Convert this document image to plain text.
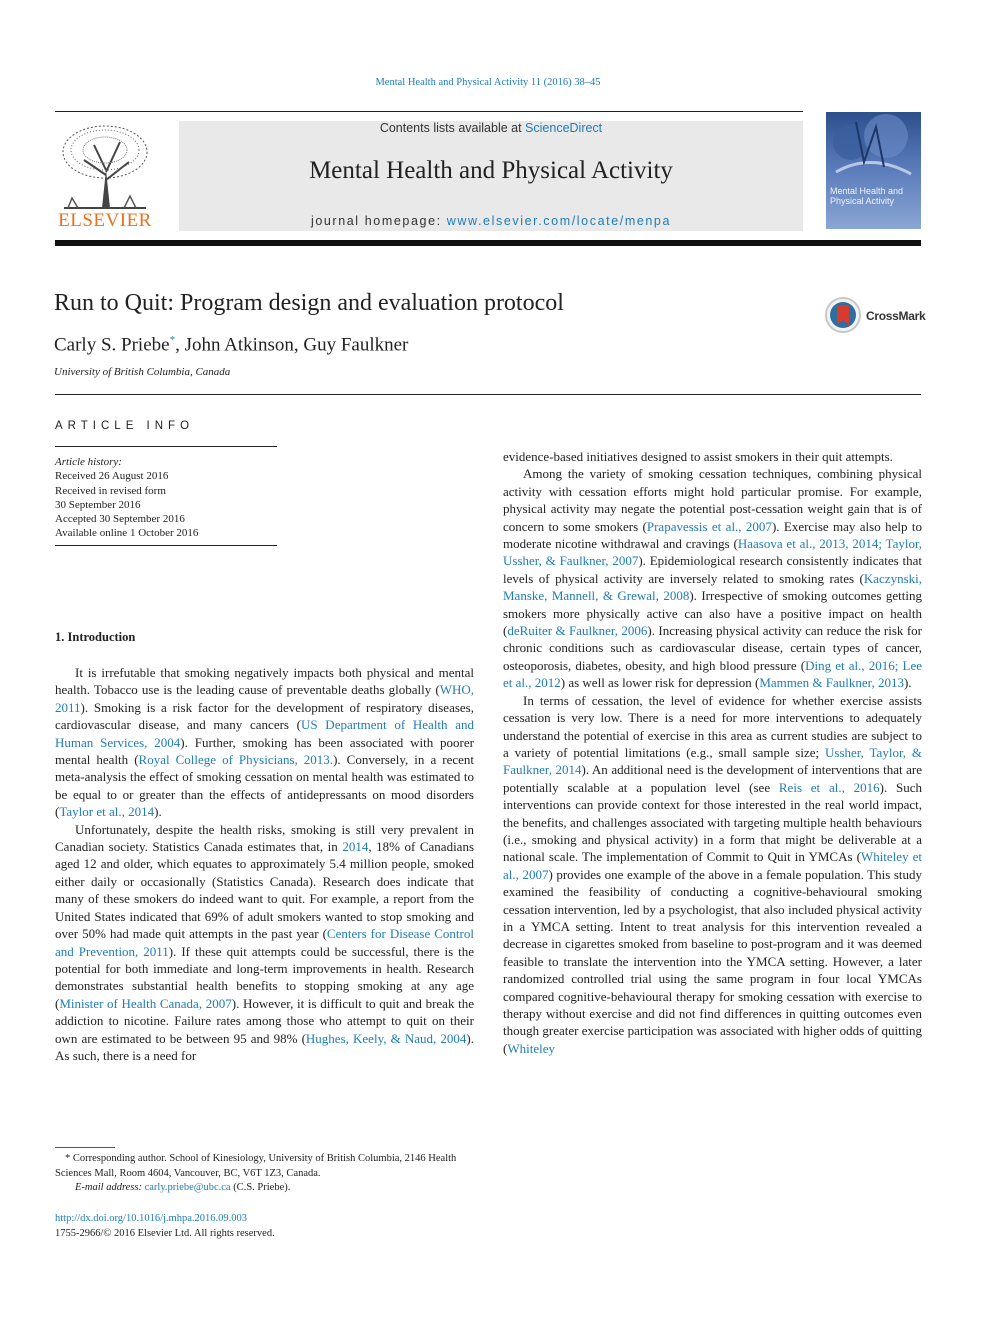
Mental Health and Physical Activity 11 (2016) 38–45
ELSEVIER
Contents lists available at ScienceDirect
Mental Health and Physical Activity
journal homepage: www.elsevier.com/locate/menpa
Mental Health and Physical Activity
Run to Quit: Program design and evaluation protocol	CrossMark
Carly S. Priebe*, John Atkinson, Guy Faulkner
University of British Columbia, Canada
ARTICLE INFO
Article history:
Received 26 August 2016
Received in revised form
30 September 2016
Accepted 30 September 2016
Available online 1 October 2016
1. Introduction

It is irrefutable that smoking negatively impacts both physical and mental health. Tobacco use is the leading cause of preventable deaths globally (WHO, 2011). Smoking is a risk factor for the development of respiratory diseases, cardiovascular disease, and many cancers (US Department of Health and Human Services, 2004). Further, smoking has been associated with poorer mental health (Royal College of Physicians, 2013.). Conversely, in a recent meta-analysis the effect of smoking cessation on mental health was estimated to be equal to or greater than the effects of antidepressants on mood disorders (Taylor et al., 2014).

Unfortunately, despite the health risks, smoking is still very prevalent in Canadian society. Statistics Canada estimates that, in 2014, 18% of Canadians aged 12 and older, which equates to approximately 5.4 million people, smoked either daily or occasionally (Statistics Canada). Research does indicate that many of these smokers do indeed want to quit. For example, a report from the United States indicated that 69% of adult smokers wanted to stop smoking and over 50% had made quit attempts in the past year (Centers for Disease Control and Prevention, 2011). If these quit attempts could be successful, there is the potential for both immediate and long-term improvements in health. Research demonstrates substantial health benefits to stopping smoking at any age (Minister of Health Canada, 2007). However, it is difficult to quit and break the addiction to nicotine. Failure rates among those who attempt to quit on their own are estimated to be between 95 and 98% (Hughes, Keely, & Naud, 2004). As such, there is a need for

evidence-based initiatives designed to assist smokers in their quit attempts.

Among the variety of smoking cessation techniques, combining physical activity with cessation efforts might hold particular promise. For example, physical activity may negate the potential post-cessation weight gain that is of concern to some smokers (Prapavessis et al., 2007). Exercise may also help to moderate nicotine withdrawal and cravings (Haasova et al., 2013, 2014; Taylor, Ussher, & Faulkner, 2007). Epidemiological research consistently indicates that levels of physical activity are inversely related to smoking rates (Kaczynski, Manske, Mannell, & Grewal, 2008). Irrespective of smoking outcomes getting smokers more physically active can also have a positive impact on health (deRuiter & Faulkner, 2006). Increasing physical activity can reduce the risk for chronic conditions such as cardiovascular disease, certain types of cancer, osteoporosis, diabetes, obesity, and high blood pressure (Ding et al., 2016; Lee et al., 2012) as well as lower risk for depression (Mammen & Faulkner, 2013).

In terms of cessation, the level of evidence for whether exercise assists cessation is very low. There is a need for more interventions to adequately understand the potential of exercise in this area as current studies are subject to a variety of potential limitations (e.g., small sample size; Ussher, Taylor, & Faulkner, 2014). An additional need is the development of interventions that are potentially scalable at a population level (see Reis et al., 2016). Such interventions can provide context for those interested in the real world impact, the benefits, and challenges associated with targeting multiple health behaviours (i.e., smoking and physical activity) in a form that might be deliverable at a national scale. The implementation of Commit to Quit in YMCAs (Whiteley et al., 2007) provides one example of the above in a female population. This study examined the feasibility of conducting a cognitive-behavioural smoking cessation intervention, led by a psychologist, that also included physical activity in a YMCA setting. Intent to treat analysis for this intervention revealed a decrease in cigarettes smoked from baseline to post-program and it was deemed feasible to translate the intervention into the YMCA setting. However, a later randomized controlled trial using the same program in four local YMCAs compared cognitive-behavioural therapy for smoking cessation with exercise to therapy without exercise and did not find differences in quitting outcomes even though greater exercise participation was associated with higher odds of quitting (Whiteley

* Corresponding author. School of Kinesiology, University of British Columbia, 2146 Health Sciences Mall, Room 4604, Vancouver, BC, V6T 1Z3, Canada.
E-mail address: carly.priebe@ubc.ca (C.S. Priebe).
http://dx.doi.org/10.1016/j.mhpa.2016.09.003
1755-2966/© 2016 Elsevier Ltd. All rights reserved.
